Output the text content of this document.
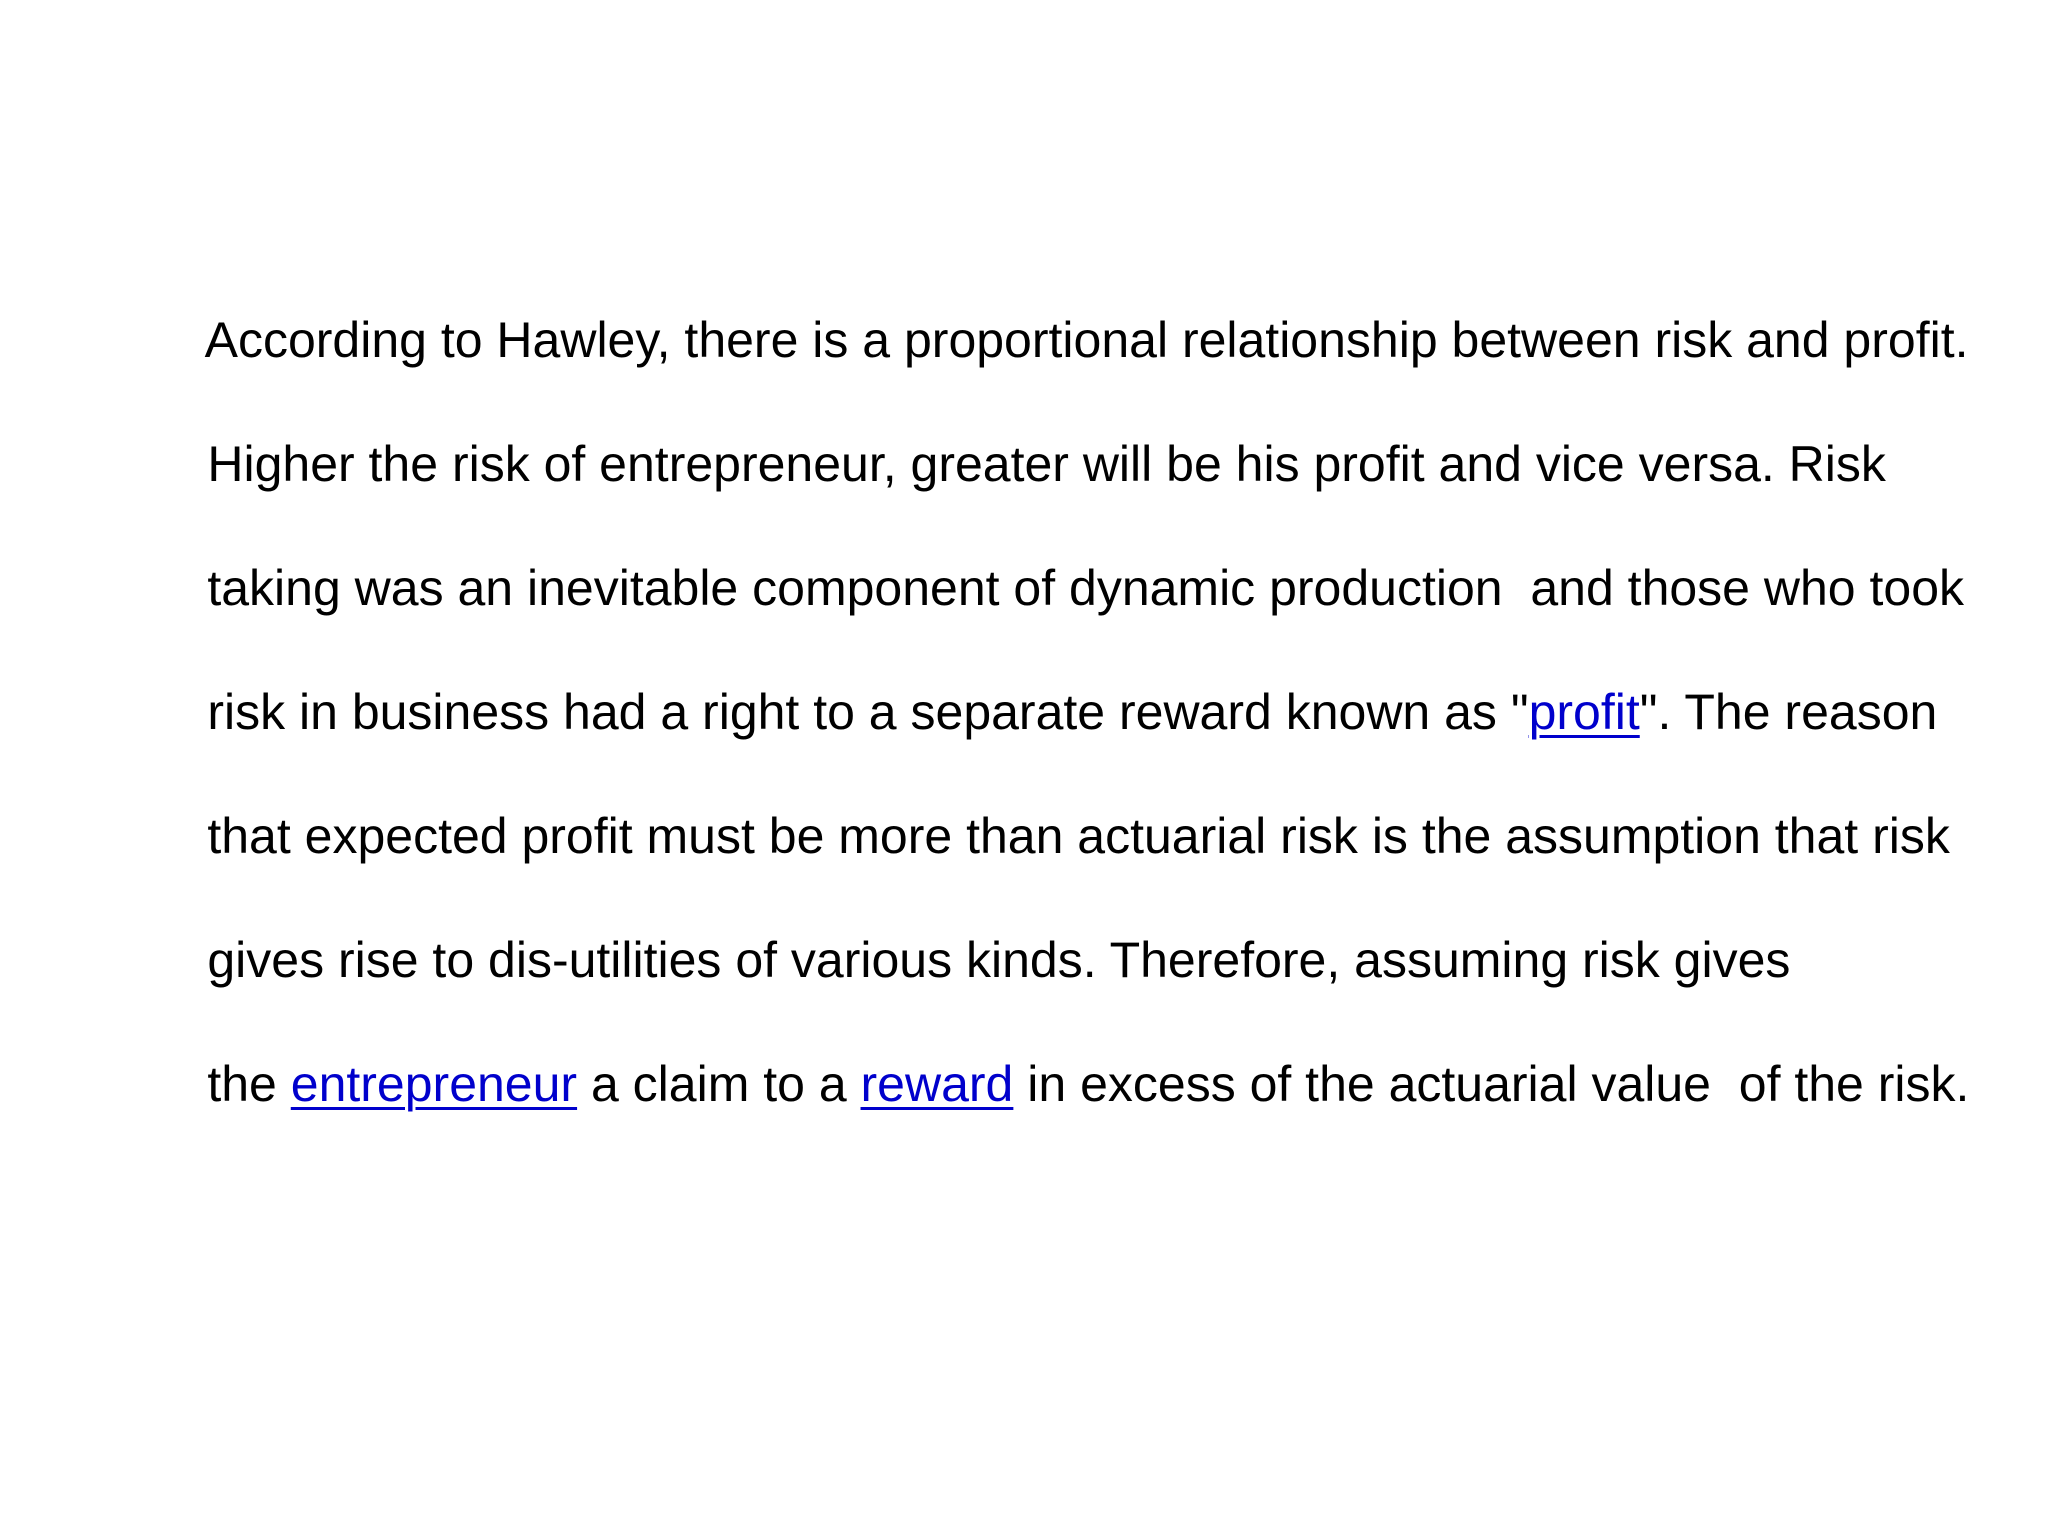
According to Hawley, there is a proportional relationship between risk and profit.

Higher the risk of entrepreneur, greater will be his profit and vice versa. Risk

taking was an inevitable component of dynamic production  and those who took

risk in business had a right to a separate reward known as "profit". The reason

that expected profit must be more than actuarial risk is the assumption that risk

gives rise to dis-utilities of various kinds. Therefore, assuming risk gives

the entrepreneur a claim to a reward in excess of the actuarial value  of the risk.
